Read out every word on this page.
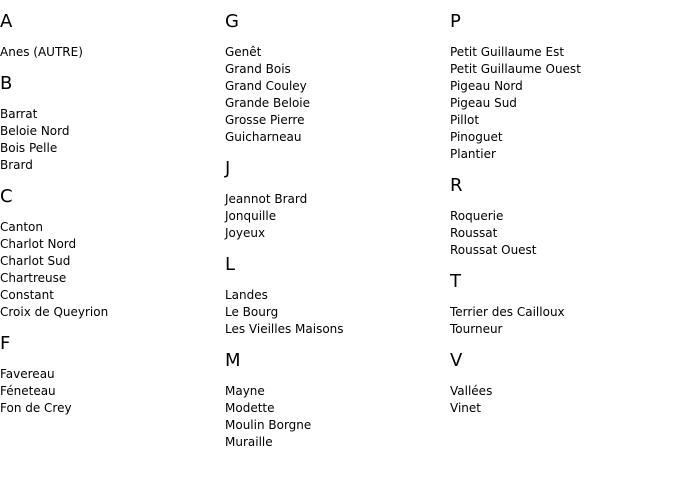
A
Anes (AUTRE)
B
Barrat
Beloie Nord
Bois Pelle
Brard
C
Canton
Charlot Nord
Charlot Sud
Chartreuse
Constant
Croix de Queyrion
F
Favereau
Féneteau
Fon de Crey
G
Genêt
Grand Bois
Grand Couley
Grande Beloie
Grosse Pierre
Guicharneau
J
Jeannot Brard
Jonquille
Joyeux
L
Landes
Le Bourg
Les Vieilles Maisons
M
Mayne
Modette
Moulin Borgne
Muraille
P
Petit Guillaume Est
Petit Guillaume Ouest
Pigeau Nord
Pigeau Sud
Pillot
Pinoguet
Plantier
R
Roquerie
Roussat
Roussat Ouest
T
Terrier des Cailloux
Tourneur
V
Vallées
Vinet
